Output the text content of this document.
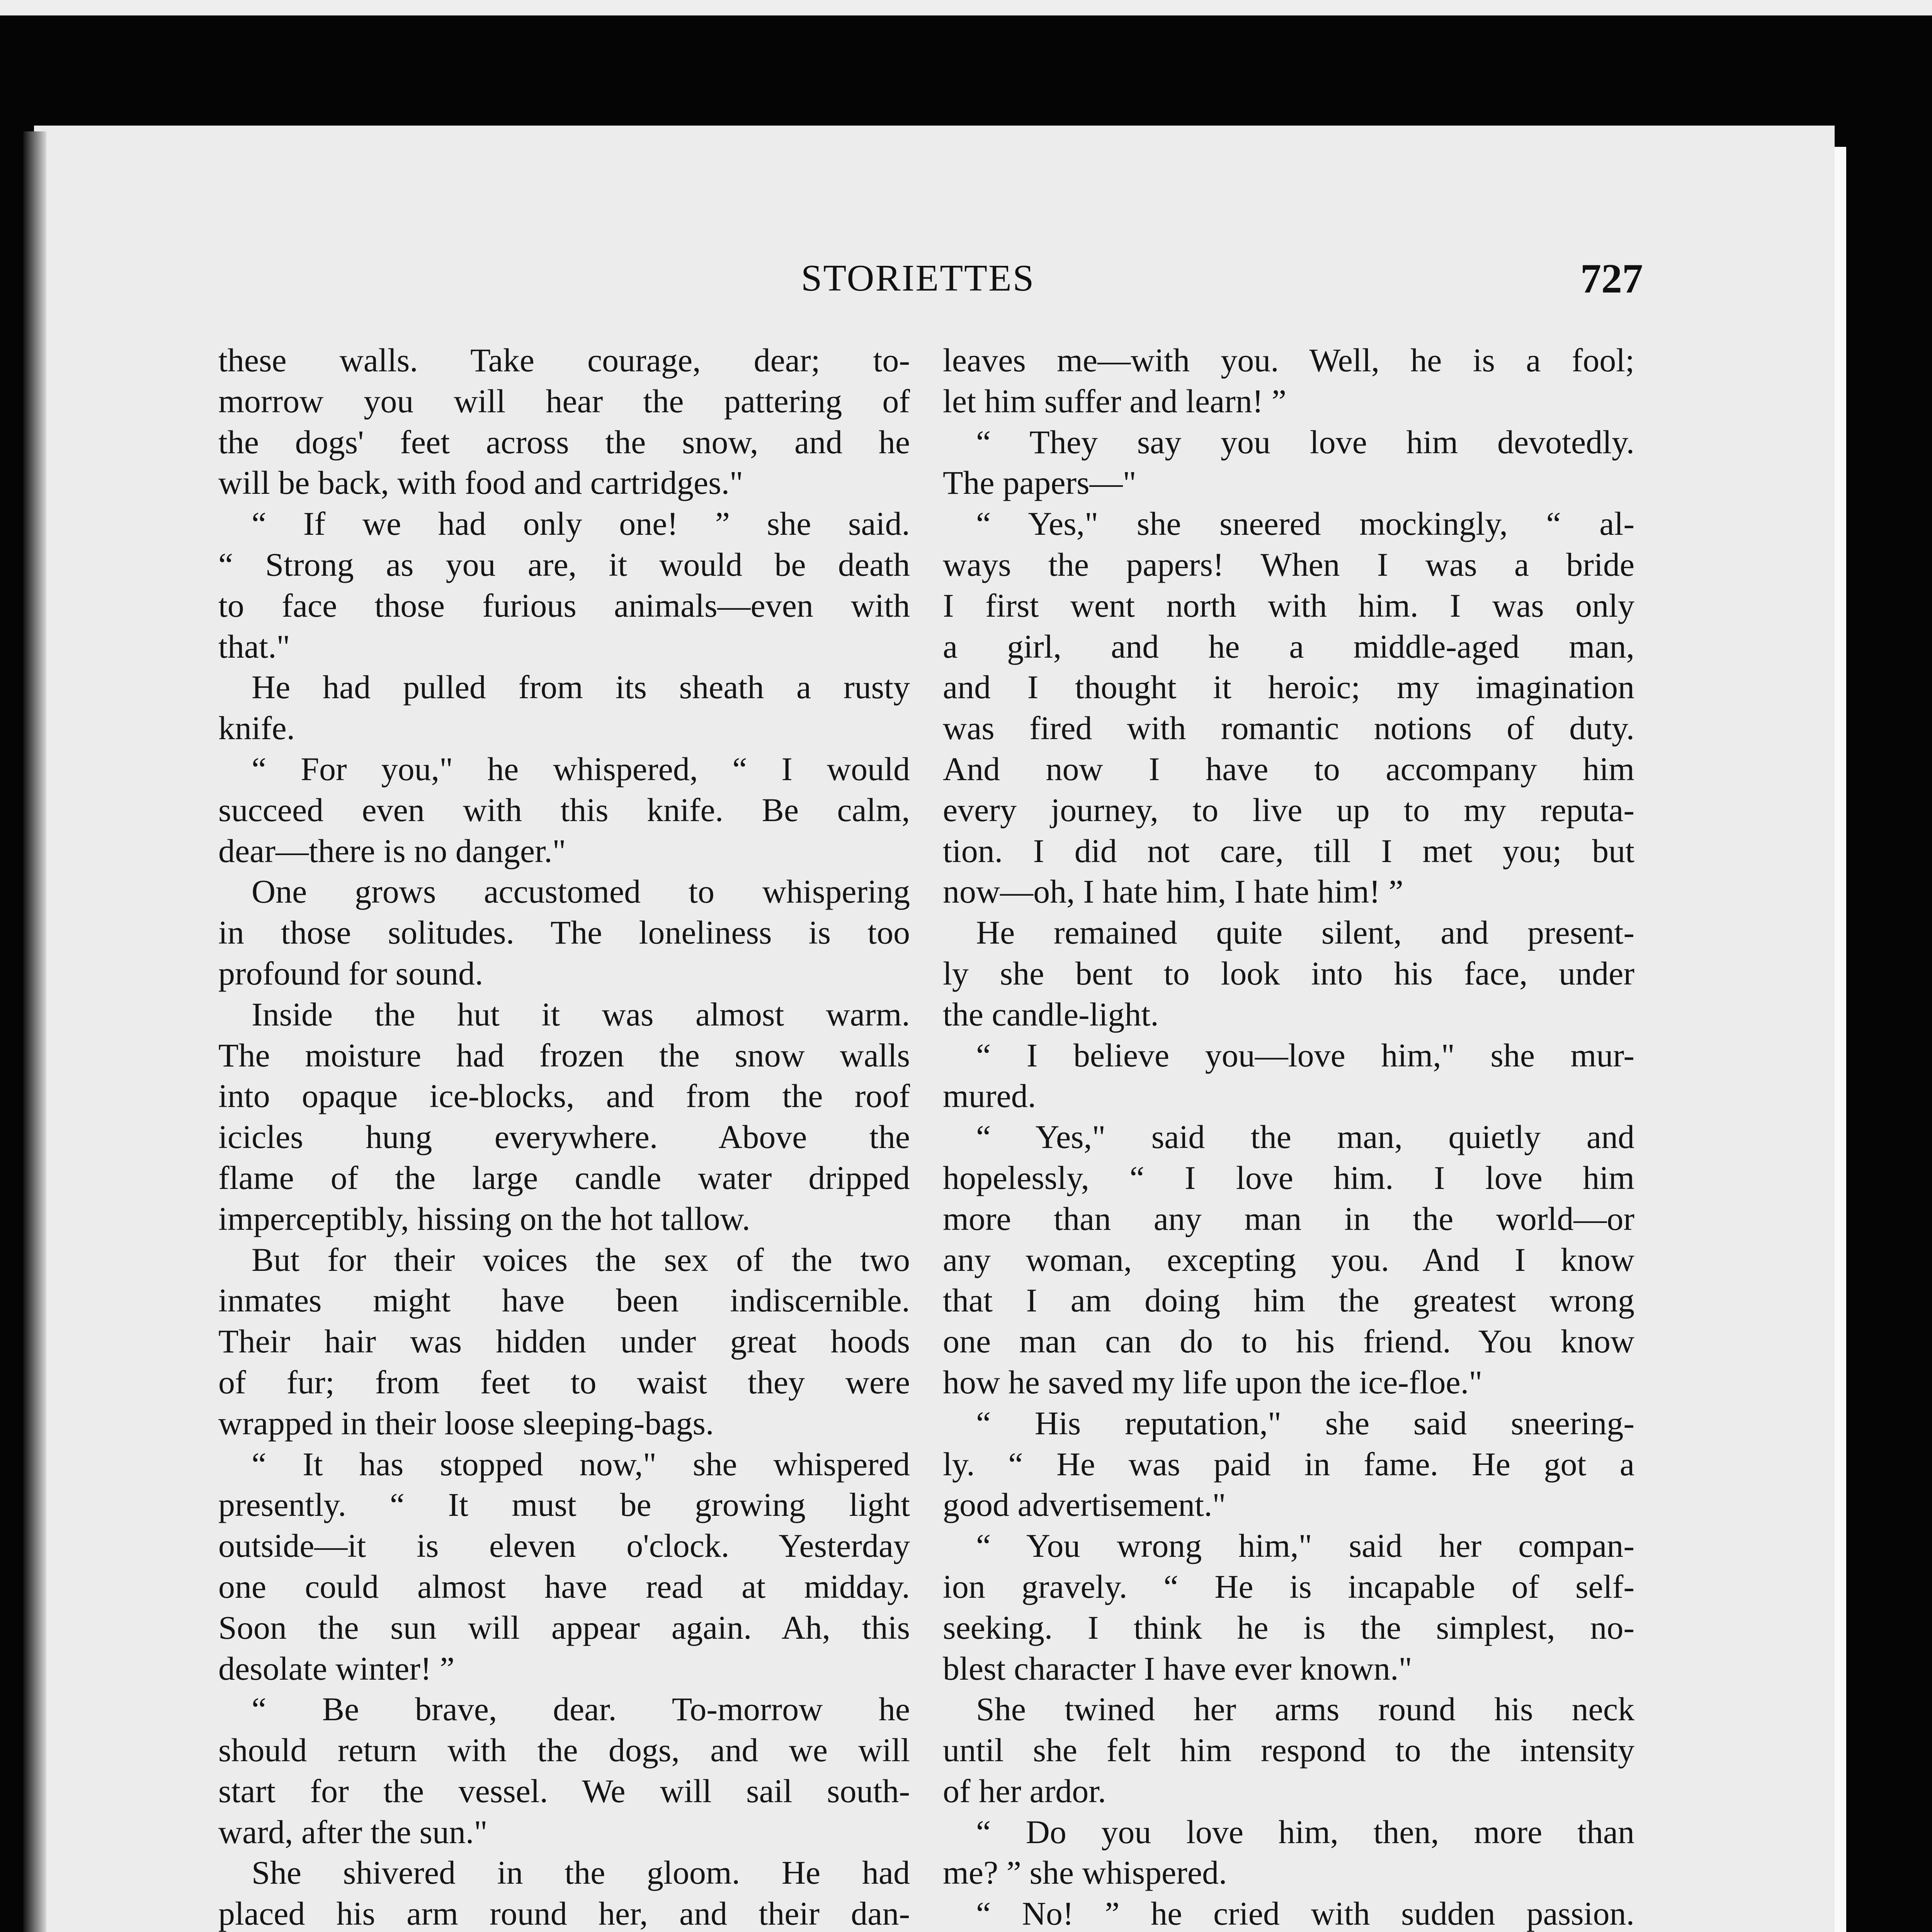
STORIETTES	727
these walls. Take courage, dear; to-
morrow you will hear the pattering of
the dogs' feet across the snow, and he
will be back, with food and cartridges."
“ If we had only one! ” she said.
“ Strong as you are, it would be death
to face those furious animals—even with
that."
He had pulled from its sheath a rusty
knife.
“ For you," he whispered, “ I would
succeed even with this knife. Be calm,
dear—there is no danger."
One grows accustomed to whispering
in those solitudes. The loneliness is too
profound for sound.
Inside the hut it was almost warm.
The moisture had frozen the snow walls
into opaque ice-blocks, and from the roof
icicles hung everywhere. Above the
flame of the large candle water dripped
imperceptibly, hissing on the hot tallow.
But for their voices the sex of the two
inmates might have been indiscernible.
Their hair was hidden under great hoods
of fur; from feet to waist they were
wrapped in their loose sleeping-bags.
“ It has stopped now," she whispered
presently. “ It must be growing light
outside—it is eleven o'clock. Yesterday
one could almost have read at midday.
Soon the sun will appear again. Ah, this
desolate winter! ”
“ Be brave, dear. To-morrow he
should return with the dogs, and we will
start for the vessel. We will sail south-
ward, after the sun."
She shivered in the gloom. He had
placed his arm round her, and their dan-
leaves me—with you. Well, he is a fool;
let him suffer and learn! ”
“ They say you love him devotedly.
The papers—"
“ Yes," she sneered mockingly, “ al-
ways the papers! When I was a bride
I first went north with him. I was only
a girl, and he a middle-aged man,
and I thought it heroic; my imagination
was fired with romantic notions of duty.
And now I have to accompany him
every journey, to live up to my reputa-
tion. I did not care, till I met you; but
now—oh, I hate him, I hate him! ”
He remained quite silent, and present-
ly she bent to look into his face, under
the candle-light.
“ I believe you—love him," she mur-
mured.
“ Yes," said the man, quietly and
hopelessly, “ I love him. I love him
more than any man in the world—or
any woman, excepting you. And I know
that I am doing him the greatest wrong
one man can do to his friend. You know
how he saved my life upon the ice-floe."
“ His reputation," she said sneering-
ly. “ He was paid in fame. He got a
good advertisement."
“ You wrong him," said her compan-
ion gravely. “ He is incapable of self-
seeking. I think he is the simplest, no-
blest character I have ever known."
She twined her arms round his neck
until she felt him respond to the intensity
of her ardor.
“ Do you love him, then, more than
me? ” she whispered.
“ No! ” he cried with sudden passion.
